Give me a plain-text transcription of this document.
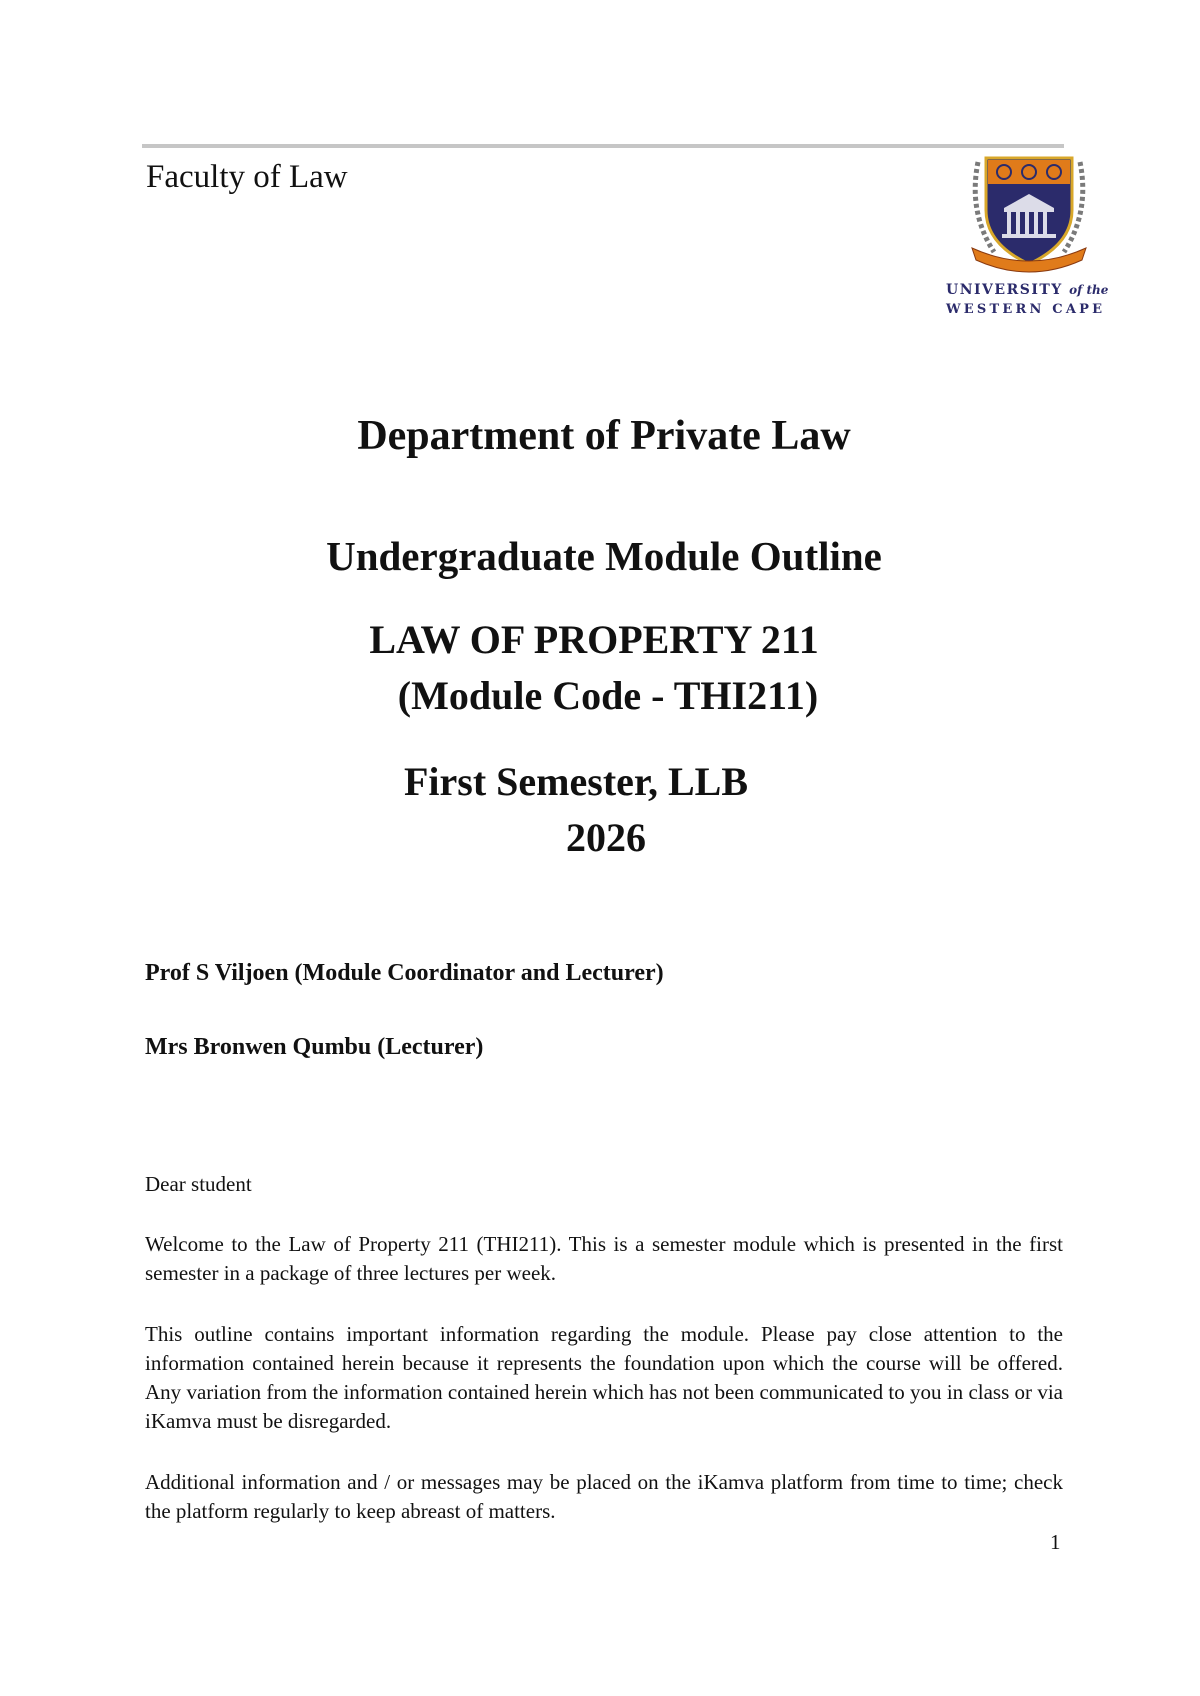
Faculty of Law
UNIVERSITY of the
WESTERN CAPE
Department of Private Law
Undergraduate Module Outline
LAW OF PROPERTY 211
(Module Code - THI211)
First Semester, LLB
2026
Prof S Viljoen (Module Coordinator and Lecturer)
Mrs Bronwen Qumbu (Lecturer)
Dear student
Welcome to the Law of Property 211 (THI211). This is a semester module which is presented in the first semester in a package of three lectures per week.
This outline contains important information regarding the module. Please pay close attention to the information contained herein because it represents the foundation upon which the course will be offered. Any variation from the information contained herein which has not been communicated to you in class or via iKamva must be disregarded.
Additional information and / or messages may be placed on the iKamva platform from time to time; check the platform regularly to keep abreast of matters.
1
